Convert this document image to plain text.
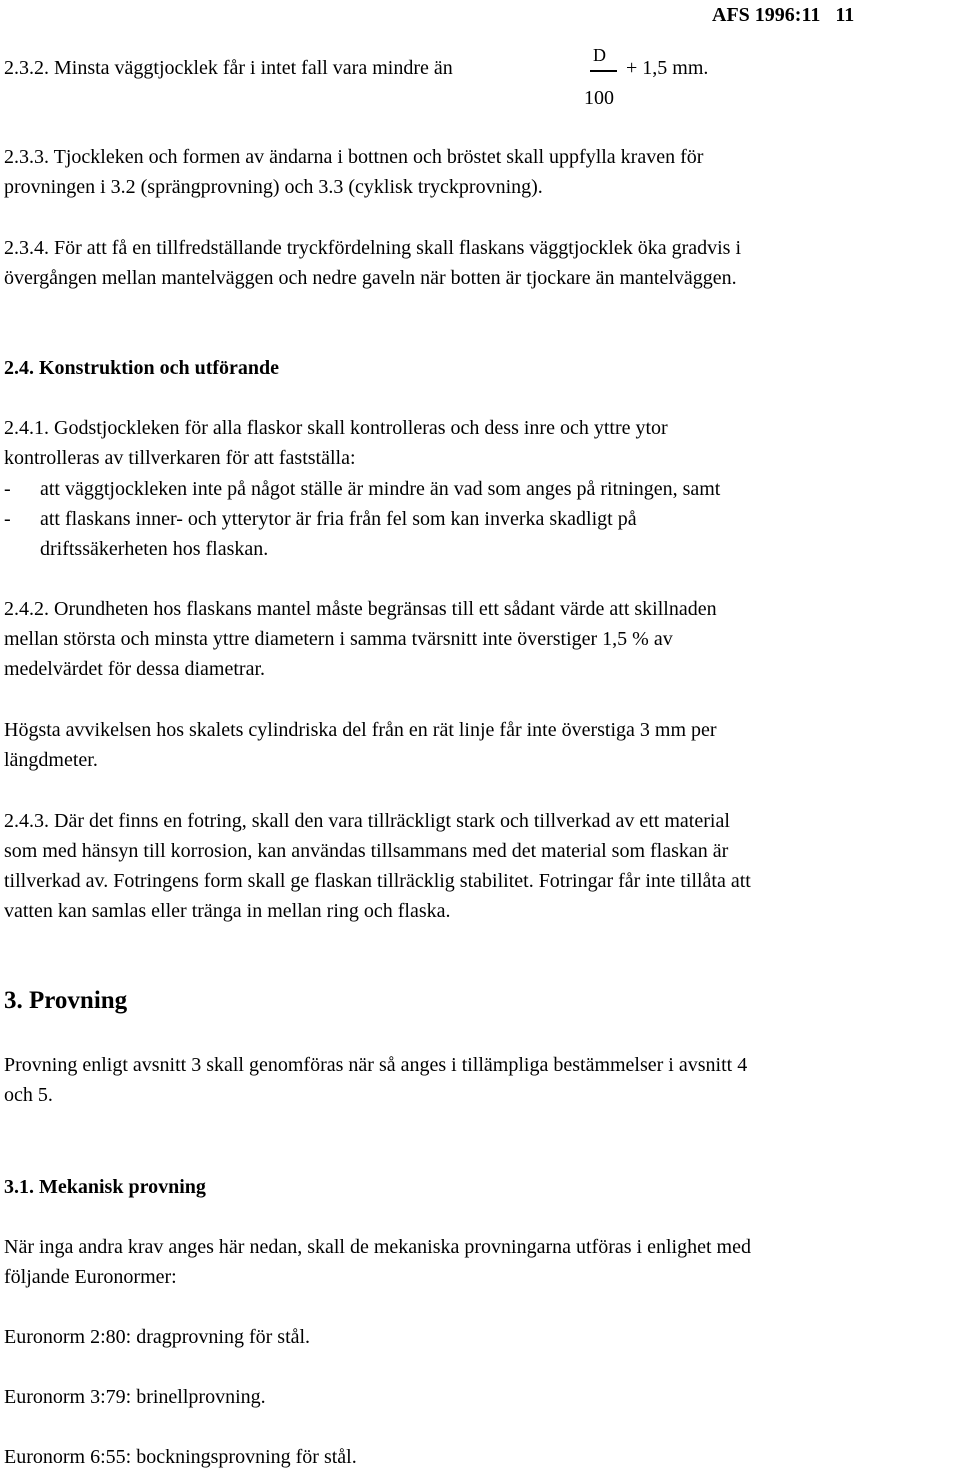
AFS 1996:11 11
2.3.2. Minsta väggtjocklek får i intet fall vara mindre än
D
+ 1,5 mm.
100
2.3.3. Tjockleken och formen av ändarna i bottnen och bröstet skall uppfylla kraven för
provningen i 3.2 (sprängprovning) och 3.3 (cyklisk tryckprovning).
2.3.4. För att få en tillfredställande tryckfördelning skall flaskans väggtjocklek öka gradvis i
övergången mellan mantelväggen och nedre gaveln när botten är tjockare än mantelväggen.
2.4. Konstruktion och utförande
2.4.1. Godstjockleken för alla flaskor skall kontrolleras och dess inre och yttre ytor
kontrolleras av tillverkaren för att fastställa:
- att väggtjockleken inte på något ställe är mindre än vad som anges på ritningen, samt
- att flaskans inner- och ytterytor är fria från fel som kan inverka skadligt på
driftssäkerheten hos flaskan.
2.4.2. Orundheten hos flaskans mantel måste begränsas till ett sådant värde att skillnaden
mellan största och minsta yttre diametern i samma tvärsnitt inte överstiger 1,5 % av
medelvärdet för dessa diametrar.
Högsta avvikelsen hos skalets cylindriska del från en rät linje får inte överstiga 3 mm per
längdmeter.
2.4.3. Där det finns en fotring, skall den vara tillräckligt stark och tillverkad av ett material
som med hänsyn till korrosion, kan användas tillsammans med det material som flaskan är
tillverkad av. Fotringens form skall ge flaskan tillräcklig stabilitet. Fotringar får inte tillåta att
vatten kan samlas eller tränga in mellan ring och flaska.
3. Provning
Provning enligt avsnitt 3 skall genomföras när så anges i tillämpliga bestämmelser i avsnitt 4
och 5.
3.1. Mekanisk provning
När inga andra krav anges här nedan, skall de mekaniska provningarna utföras i enlighet med
följande Euronormer:
Euronorm 2:80: dragprovning för stål.
Euronorm 3:79: brinellprovning.
Euronorm 6:55: bockningsprovning för stål.
